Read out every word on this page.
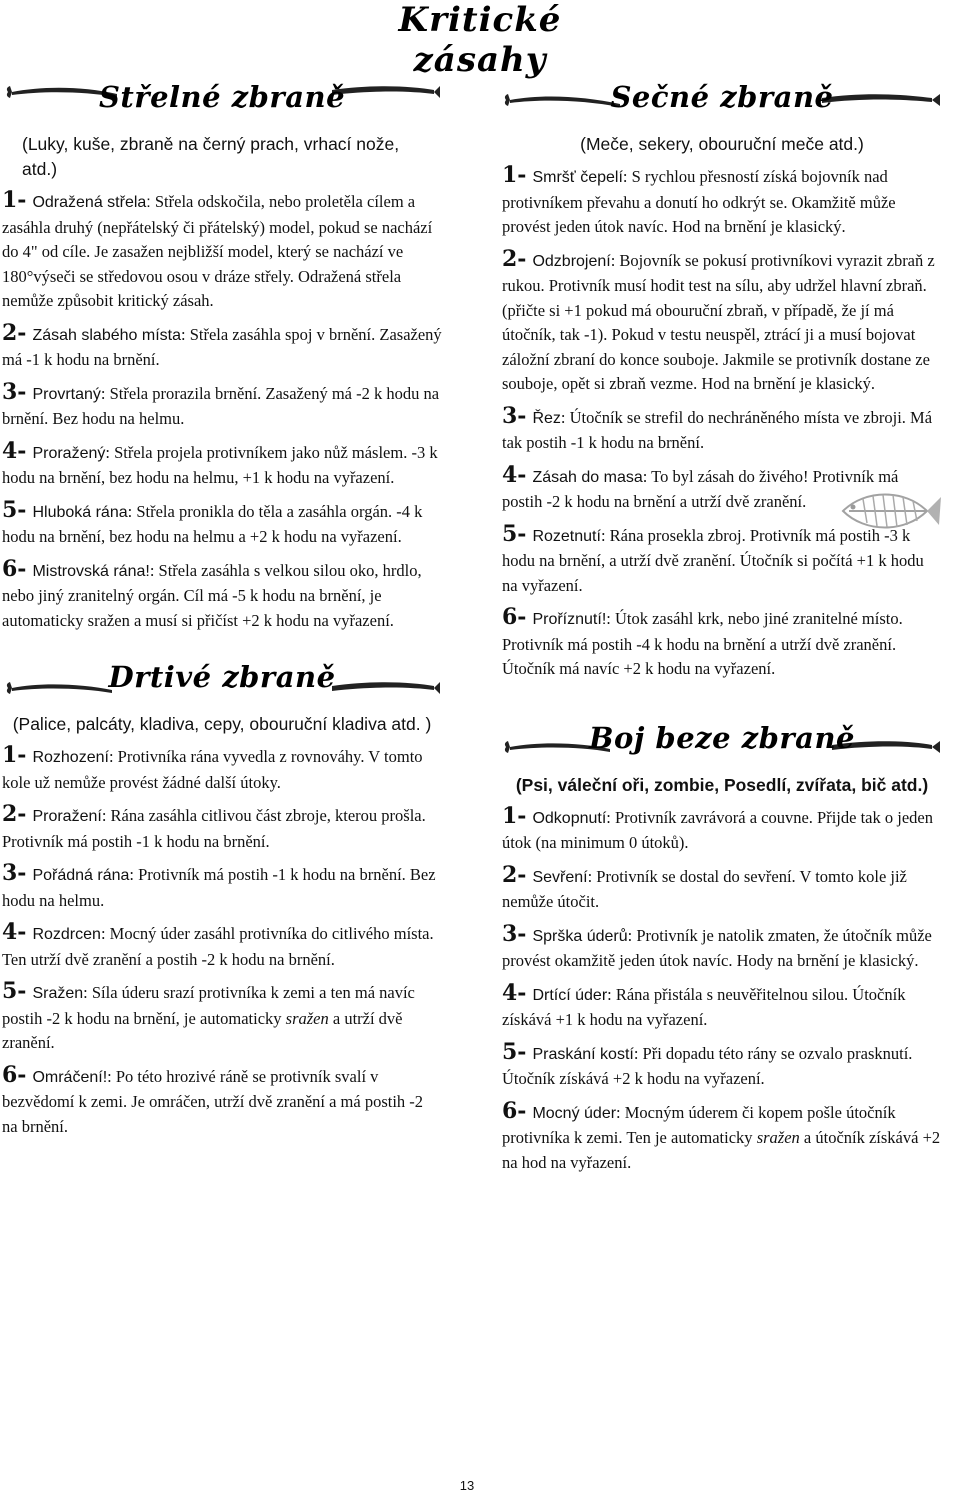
Kritické zásahy
Střelné zbraně
(Luky, kuše, zbraně na černý prach, vrhací nože, atd.)
1- Odražená střela: Střela odskočila, nebo proletěla cílem a zasáhla druhý (nepřátelský či přátelský) model, pokud se nachází do 4" od cíle. Je zasažen nejbližší model, který se nachází ve 180°výseči se středovou osou v dráze střely. Odražená střela nemůže způsobit kritický zásah.
2- Zásah slabého místa: Střela zasáhla spoj v brnění. Zasažený má -1 k hodu na brnění.
3- Provrtaný: Střela prorazila brnění. Zasažený má -2 k hodu na brnění. Bez hodu na helmu.
4- Proražený: Střela projela protivníkem jako nůž máslem. -3 k hodu na brnění, bez hodu na helmu, +1 k hodu na vyřazení.
5- Hluboká rána: Střela pronikla do těla a zasáhla orgán. -4 k hodu na brnění, bez hodu na helmu a +2 k hodu na vyřazení.
6- Mistrovská rána!: Střela zasáhla s velkou silou oko, hrdlo, nebo jiný zranitelný orgán. Cíl má -5 k hodu na brnění, je automaticky sražen a musí si přičíst +2 k hodu na vyřazení.
Drtivé zbraně
(Palice, palcáty, kladiva, cepy, obouruční kladiva atd. )
1- Rozhození: Protivníka rána vyvedla z rovnováhy. V tomto kole už nemůže provést žádné další útoky.
2- Proražení: Rána zasáhla citlivou část zbroje, kterou prošla. Protivník má postih -1 k hodu na brnění.
3- Pořádná rána: Protivník má postih -1 k hodu na brnění. Bez hodu na helmu.
4- Rozdrcen: Mocný úder zasáhl protivníka do citlivého místa. Ten utrží dvě zranění a postih -2 k hodu na brnění.
5- Sražen: Síla úderu srazí protivníka k zemi a ten má navíc postih -2 k hodu na brnění, je automaticky sražen a utrží dvě zranění.
6- Omráčení!: Po této hrozivé ráně se protivník svalí v bezvědomí k zemi. Je omráčen, utrží dvě zranění a má postih -2 na brnění.
Sečné zbraně
(Meče, sekery, obouruční meče atd.)
1- Smršť čepelí: S rychlou přesností získá bojovník nad protivníkem převahu a donutí ho odkrýt se. Okamžitě může provést jeden útok navíc. Hod na brnění je klasický.
2- Odzbrojení: Bojovník se pokusí protivníkovi vyrazit zbraň z rukou. Protivník musí hodit test na sílu, aby udržel hlavní zbraň. (přičte si +1 pokud má obouruční zbraň, v případě, že jí má útočník, tak -1). Pokud v testu neuspěl, ztrácí ji a musí bojovat záložní zbraní do konce souboje. Jakmile se protivník dostane ze souboje, opět si zbraň vezme. Hod na brnění je klasický.
3- Řez: Útočník se strefil do nechráněného místa ve zbroji. Má tak postih -1 k hodu na brnění.
4- Zásah do masa: To byl zásah do živého! Protivník má postih -2 k hodu na brnění a utrží dvě zranění.
5- Rozetnutí: Rána prosekla zbroj. Protivník má postih -3 k hodu na brnění, a utrží dvě zranění. Útočník si počítá +1 k hodu na vyřazení.
6- Proříznutí!: Útok zasáhl krk, nebo jiné zranitelné místo. Protivník má postih -4 k hodu na brnění a utrží dvě zranění. Útočník má navíc +2 k hodu na vyřazení.
Boj beze zbraně
(Psi, váleční oři, zombie, Posedlí, zvířata, bič atd.)
1- Odkopnutí: Protivník zavrávorá a couvne. Přijde tak o jeden útok (na minimum 0 útoků).
2- Sevření: Protivník se dostal do sevření. V tomto kole již nemůže útočit.
3- Sprška úderů: Protivník je natolik zmaten, že útočník může provést okamžitě jeden útok navíc. Hody na brnění je klasický.
4- Drtící úder: Rána přistála s neuvěřitelnou silou. Útočník získává +1 k hodu na vyřazení.
5- Praskání kostí: Při dopadu této rány se ozvalo prasknutí. Útočník získává +2 k hodu na vyřazení.
6- Mocný úder: Mocným úderem či kopem pošle útočník protivníka k zemi. Ten je automaticky sražen a útočník získává +2 na hod na vyřazení.
13
